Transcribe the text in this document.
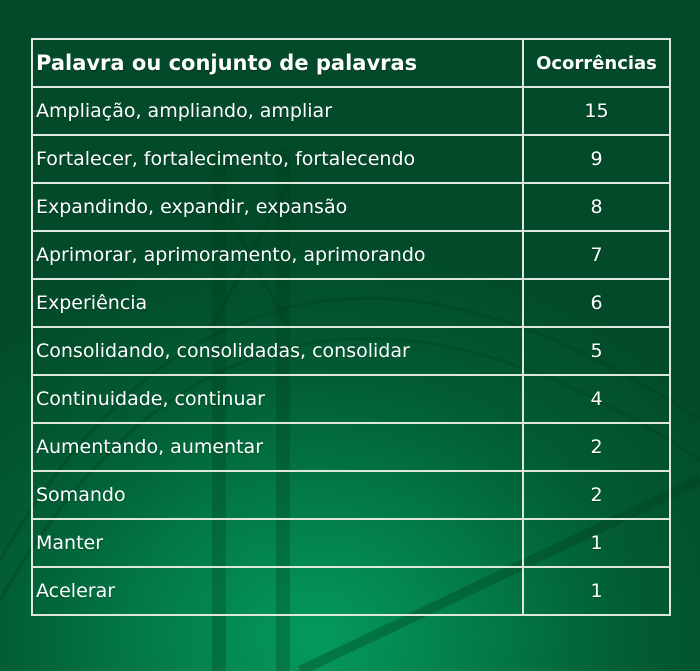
Palavra ou conjunto de palavras	Ocorrências
Ampliação, ampliando, ampliar	15
Fortalecer, fortalecimento, fortalecendo	9
Expandindo, expandir, expansão	8
Aprimorar, aprimoramento, aprimorando	7
Experiência	6
Consolidando, consolidadas, consolidar	5
Continuidade, continuar	4
Aumentando, aumentar	2
Somando	2
Manter	1
Acelerar	1
